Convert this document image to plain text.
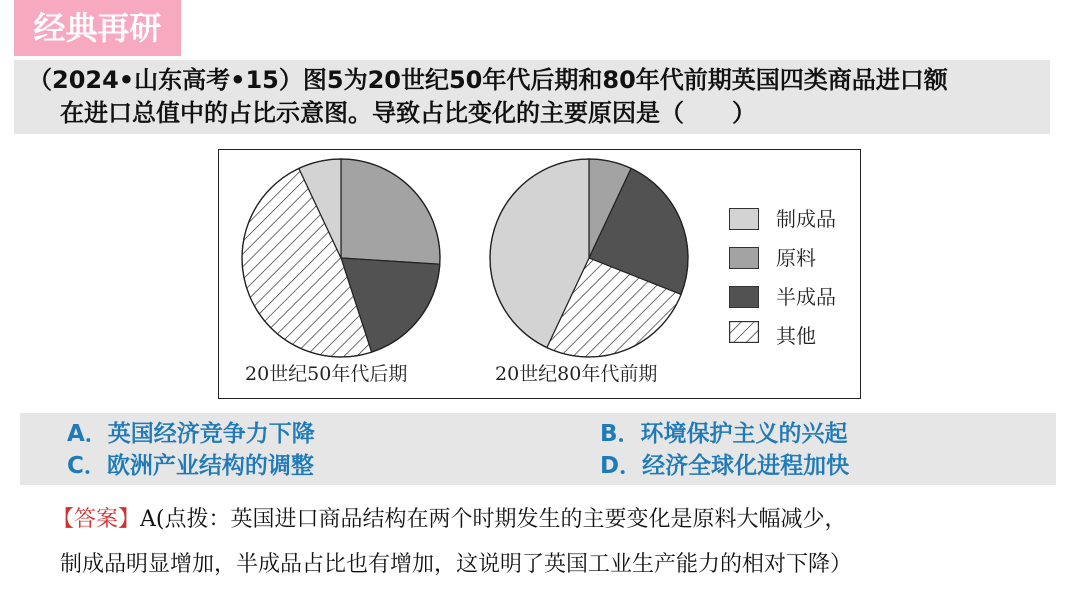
经典再研
（2024•山东高考•15）图5为20世纪50年代后期和80年代前期英国四类商品进口额
在进口总值中的占比示意图。导致占比变化的主要原因是（　　）
20世纪50年代后期	20世纪80年代前期
制成品
原料
半成品
其他
A．英国经济竞争力下降	B．环境保护主义的兴起
C．欧洲产业结构的调整	D．经济全球化进程加快
【答案】A(点拨：英国进口商品结构在两个时期发生的主要变化是原料大幅减少，
制成品明显增加，半成品占比也有增加，这说明了英国工业生产能力的相对下降）
